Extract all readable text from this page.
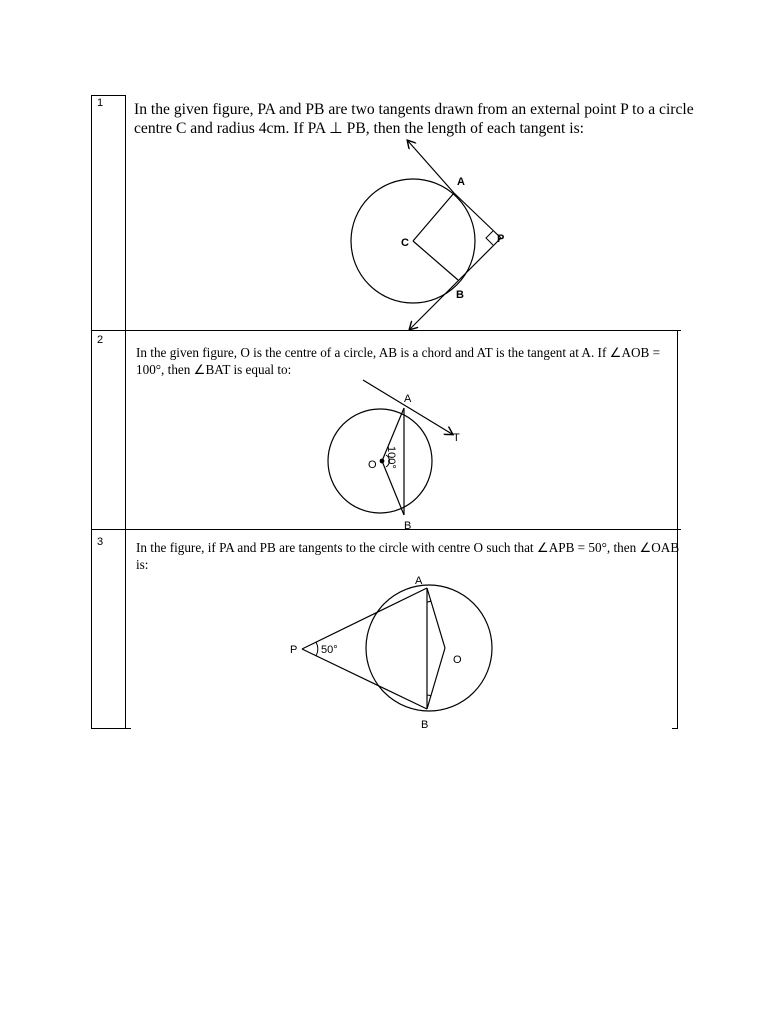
1 In the given figure, PA and PB are two tangents drawn from an external point P to a circle centre C and radius 4cm. If PA ⊥ PB, then the length of each tangent is:
A
C	P
B
2
In the given figure, O is the centre of a circle, AB is a chord and AT is the tangent at A. If ∠AOB = 100°, then ∠BAT is equal to:
A
T
O
B
100°
3 In the figure, if PA and PB are tangents to the circle with centre O such that ∠APB = 50°, then ∠OAB is:
P 50°
A
O
B
